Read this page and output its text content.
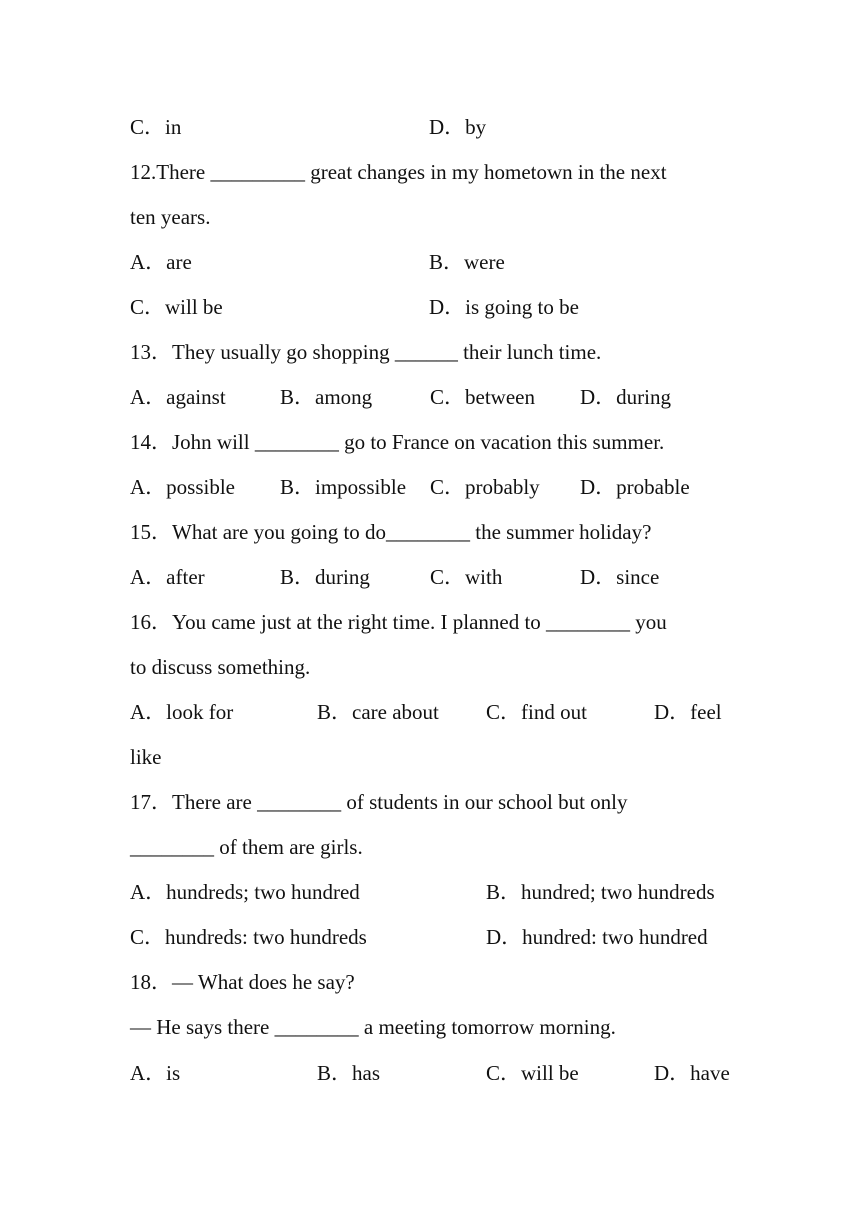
C．in	D．by
12.There _________ great changes in my hometown in the next
ten years.
A．are	B．were
C．will be	D．is going to be
13．They usually go shopping ______ their lunch time.
A．against	B．among	C．between D．during
14．John will ________ go to France on vacation this summer.
A．possible B．impossible C．probably D．probable
15．What are you going to do________ the summer holiday?
A．after	B．during	C．with	D．since
16．You came just at the right time. I planned to ________ you
to discuss something.
A．look for	B．care about C．find out	D．feel
like
17．There are ________ of students in our school but only
________ of them are girls.
A．hundreds; two hundred	B．hundred; two hundreds
C．hundreds: two hundreds	D．hundred: two hundred
18．— What does he say?
— He says there ________ a meeting tomorrow morning.
A．is	B．has	C．will be	D．have
